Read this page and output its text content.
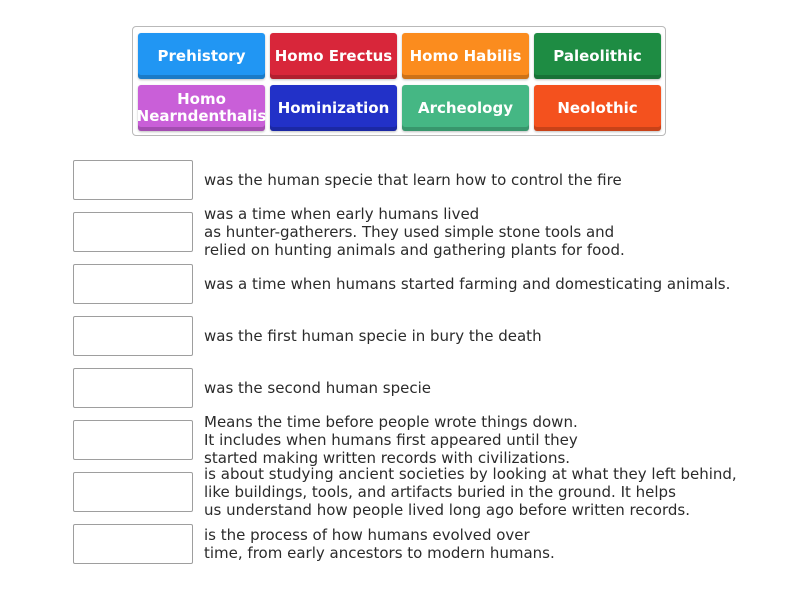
Prehistory	Homo Erectus	Homo Habilis	Paleolithic
Homo Nearndenthalis Hominization	Archeology	Neolothic
was the human specie that learn how to control the fire
was a time when early humans lived
as hunter-gatherers. They used simple stone tools and
relied on hunting animals and gathering plants for food.
was a time when humans started farming and domesticating animals.
was the first human specie in bury the death
was the second human specie
Means the time before people wrote things down.
It includes when humans first appeared until they
started making written records with civilizations.
is about studying ancient societies by looking at what they left behind,
like buildings, tools, and artifacts buried in the ground. It helps
us understand how people lived long ago before written records.
is the process of how humans evolved over
time, from early ancestors to modern humans.
